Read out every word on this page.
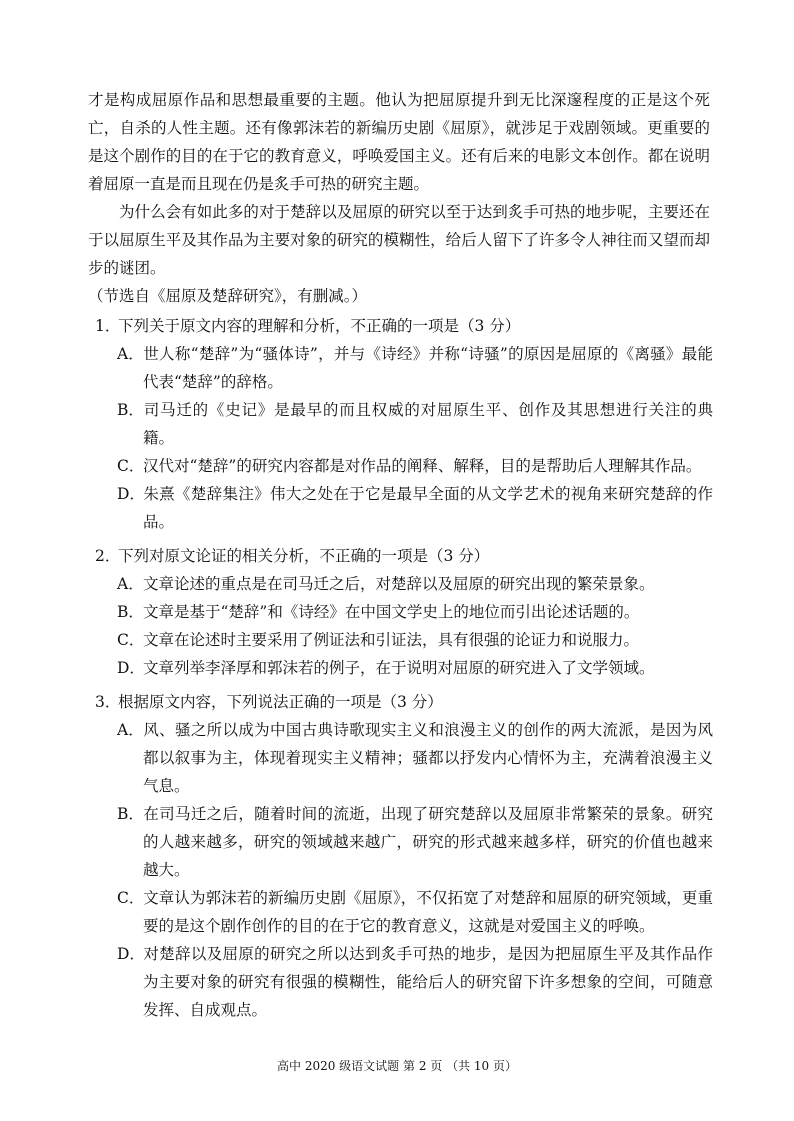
才是构成屈原作品和思想最重要的主题。他认为把屈原提升到无比深邃程度的正是这个死亡，自杀的人性主题。还有像郭沫若的新编历史剧《屈原》，就涉足于戏剧领域。更重要的是这个剧作的目的在于它的教育意义，呼唤爱国主义。还有后来的电影文本创作。都在说明着屈原一直是而且现在仍是炙手可热的研究主题。

为什么会有如此多的对于楚辞以及屈原的研究以至于达到炙手可热的地步呢，主要还在于以屈原生平及其作品为主要对象的研究的模糊性，给后人留下了许多令人神往而又望而却步的谜团。

（节选自《屈原及楚辞研究》，有删减。）

1．下列关于原文内容的理解和分析，不正确的一项是（3 分）

A．世人称“楚辞”为“骚体诗”，并与《诗经》并称“诗骚”的原因是屈原的《离骚》最能代表“楚辞”的辞格。

B．司马迁的《史记》是最早的而且权威的对屈原生平、创作及其思想进行关注的典籍。

C．汉代对“楚辞”的研究内容都是对作品的阐释、解释，目的是帮助后人理解其作品。

D．朱熹《楚辞集注》伟大之处在于它是最早全面的从文学艺术的视角来研究楚辞的作品。

2．下列对原文论证的相关分析，不正确的一项是（3 分）

A．文章论述的重点是在司马迁之后，对楚辞以及屈原的研究出现的繁荣景象。

B．文章是基于“楚辞”和《诗经》在中国文学史上的地位而引出论述话题的。

C．文章在论述时主要采用了例证法和引证法，具有很强的论证力和说服力。

D．文章列举李泽厚和郭沫若的例子，在于说明对屈原的研究进入了文学领域。

3．根据原文内容，下列说法正确的一项是（3 分）

A．风、骚之所以成为中国古典诗歌现实主义和浪漫主义的创作的两大流派，是因为风都以叙事为主，体现着现实主义精神；骚都以抒发内心情怀为主，充满着浪漫主义气息。

B．在司马迁之后，随着时间的流逝，出现了研究楚辞以及屈原非常繁荣的景象。研究的人越来越多，研究的领域越来越广，研究的形式越来越多样，研究的价值也越来越大。

C．文章认为郭沫若的新编历史剧《屈原》，不仅拓宽了对楚辞和屈原的研究领域，更重要的是这个剧作创作的目的在于它的教育意义，这就是对爱国主义的呼唤。

D．对楚辞以及屈原的研究之所以达到炙手可热的地步，是因为把屈原生平及其作品作为主要对象的研究有很强的模糊性，能给后人的研究留下许多想象的空间，可随意发挥、自成观点。

高中 2020 级语文试题 第 2 页 （共 10 页）
